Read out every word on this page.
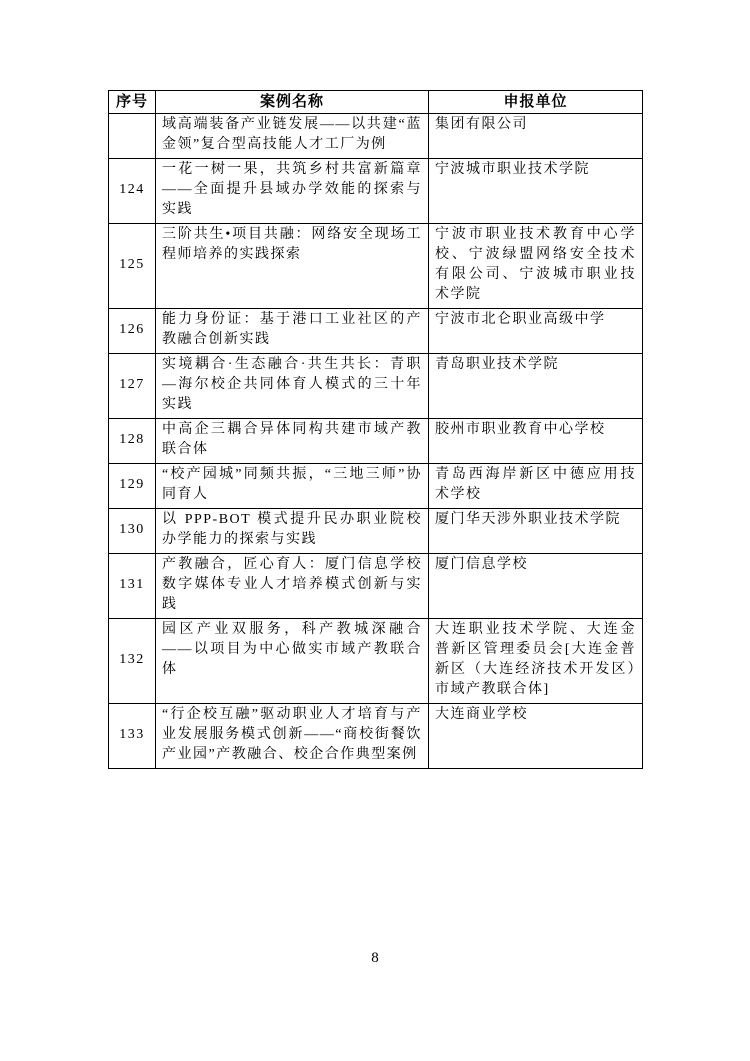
序号	案例名称	申报单位
	域高端装备产业链发展——以共建“蓝金领”复合型高技能人才工厂为例	集团有限公司
124	一花一树一果，共筑乡村共富新篇章——全面提升县域办学效能的探索与实践	宁波城市职业技术学院
125	三阶共生•项目共融：网络安全现场工程师培养的实践探索	宁波市职业技术教育中心学校、宁波绿盟网络安全技术有限公司、宁波城市职业技术学院
126	能力身份证：基于港口工业社区的产教融合创新实践	宁波市北仑职业高级中学
127	实境耦合·生态融合·共生共长：青职—海尔校企共同体育人模式的三十年实践	青岛职业技术学院
128	中高企三耦合异体同构共建市域产教联合体	胶州市职业教育中心学校
129	“校产园城”同频共振，“三地三师”协同育人	青岛西海岸新区中德应用技术学校
130	以 PPP-BOT 模式提升民办职业院校办学能力的探索与实践	厦门华天涉外职业技术学院
131	产教融合，匠心育人：厦门信息学校数字媒体专业人才培养模式创新与实践	厦门信息学校
132	园区产业双服务，科产教城深融合——以项目为中心做实市域产教联合体	大连职业技术学院、大连金普新区管理委员会[大连金普新区（大连经济技术开发区）市域产教联合体]
133	“行企校互融”驱动职业人才培育与产业发展服务模式创新——“商校街餐饮产业园”产教融合、校企合作典型案例	大连商业学校
8
